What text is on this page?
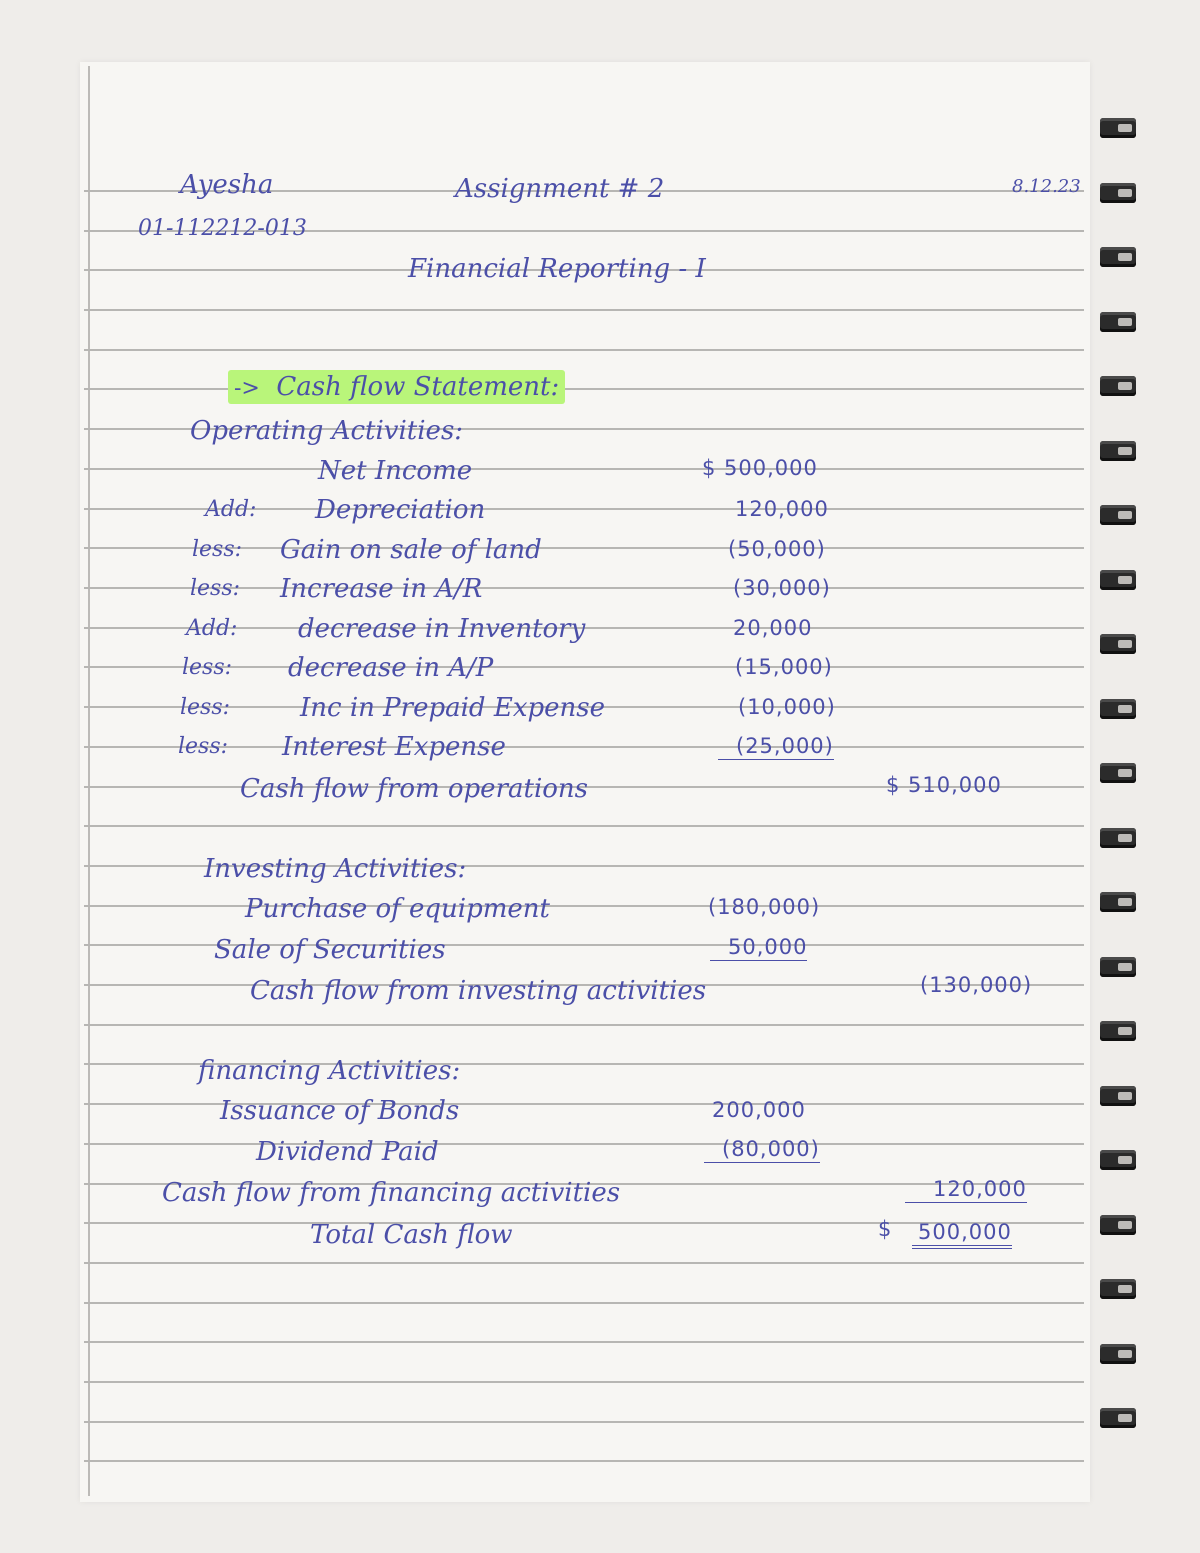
Ayesha
01-112212-013
Assignment # 2	8.12.23
Financial Reporting - I
-> Cash flow Statement:
Operating Activities:
Net Income	$ 500,000
Add: Depreciation	120,000
less: Gain on sale of land	(50,000)
less: Increase in A/R	(30,000)
Add: decrease in Inventory	20,000
less: decrease in A/P	(15,000)
less:	Inc in Prepaid Expense	(10,000)
less: Interest Expense	(25,000)
Cash flow from operations	$ 510,000
Investing Activities:
Purchase of equipment	(180,000)
Sale of Securities	50,000
Cash flow from investing activities	(130,000)
financing Activities:
Issuance of Bonds	200,000
Dividend Paid	(80,000)
Cash flow from financing activities	120,000
Total Cash flow	$ 500,000
